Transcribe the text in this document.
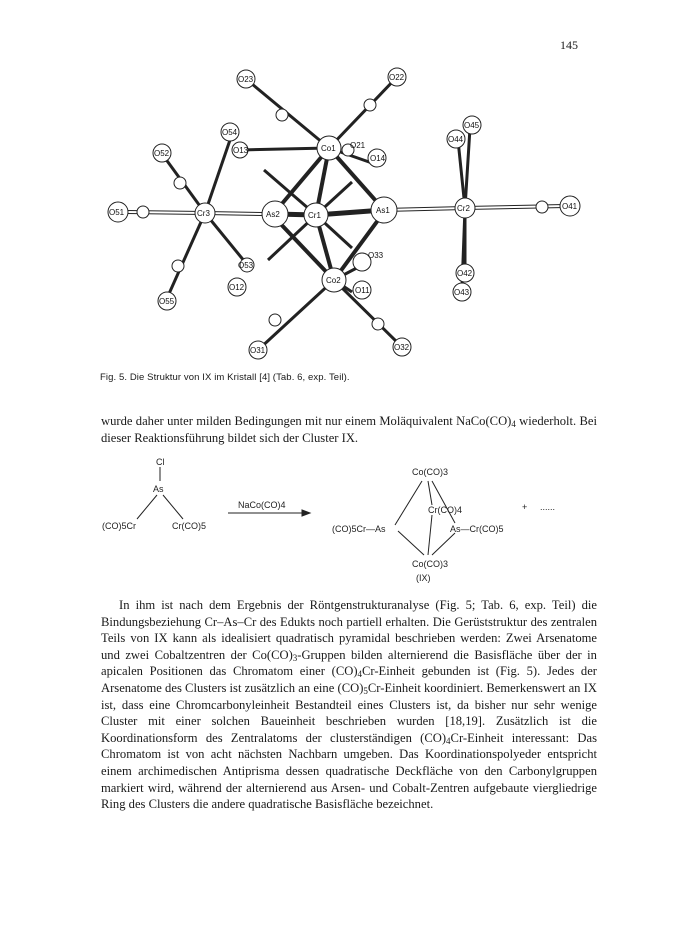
145
O23	O22
O54
O13
O52
Co1 O21
O14
O44
O45
O51	Cr3	As2	Cr1
As1	Cr2	O41
O53
O33
O12
Co2
O11
O42
O43
O55
O31	O32
Fig. 5. Die Struktur von IX im Kristall [4] (Tab. 6, exp. Teil).

wurde daher unter milden Bedingungen mit nur einem Moläquivalent $NaCo(CO)_4$ wiederholt. Bei dieser Reaktionsführung bildet sich der Cluster IX.

Cl
As
(CO)5Cr	Cr(CO)5
NaCo(CO)4
Co(CO)3
Cr(CO)4
(CO)5Cr—As	As—Cr(CO)5
Co(CO)3
(IX)
+ ......

In ihm ist nach dem Ergebnis der Röntgenstrukturanalyse (Fig. 5; Tab. 6, exp. Teil) die Bindungsbeziehung Cr–As–Cr des Edukts noch partiell erhalten. Die Gerüststruktur des zentralen Teils von IX kann als idealisiert quadratisch pyramidal beschrieben werden: Zwei Arsenatome und zwei Cobaltzentren der $Co(CO)_3$-Gruppen bilden alternierend die Basisfläche über der in apicalen Positionen das Chromatom einer $(CO)_4Cr$-Einheit gebunden ist (Fig. 5). Jedes der Arsenatome des Clusters ist zusätzlich an eine $(CO)_5Cr$-Einheit koordiniert. Bemerkenswert an IX ist, dass eine Chromcarbonyleinheit Bestandteil eines Clusters ist, da bisher nur sehr wenige Cluster mit einer solchen Baueinheit beschrieben wurden [18,19]. Zusätzlich ist die Koordinationsform des Zentralatoms der clusterständigen $(CO)_4Cr$-Einheit interessant: Das Chromatom ist von acht nächsten Nachbarn umgeben. Das Koordinationspolyeder entspricht einem archimedischen Antiprisma dessen quadratische Deckfläche von den Carbonylgruppen markiert wird, während der alternierend aus Arsen- und Cobalt-Zentren aufgebaute viergliedrige Ring des Clusters die andere quadratische Basisfläche bezeichnet.
